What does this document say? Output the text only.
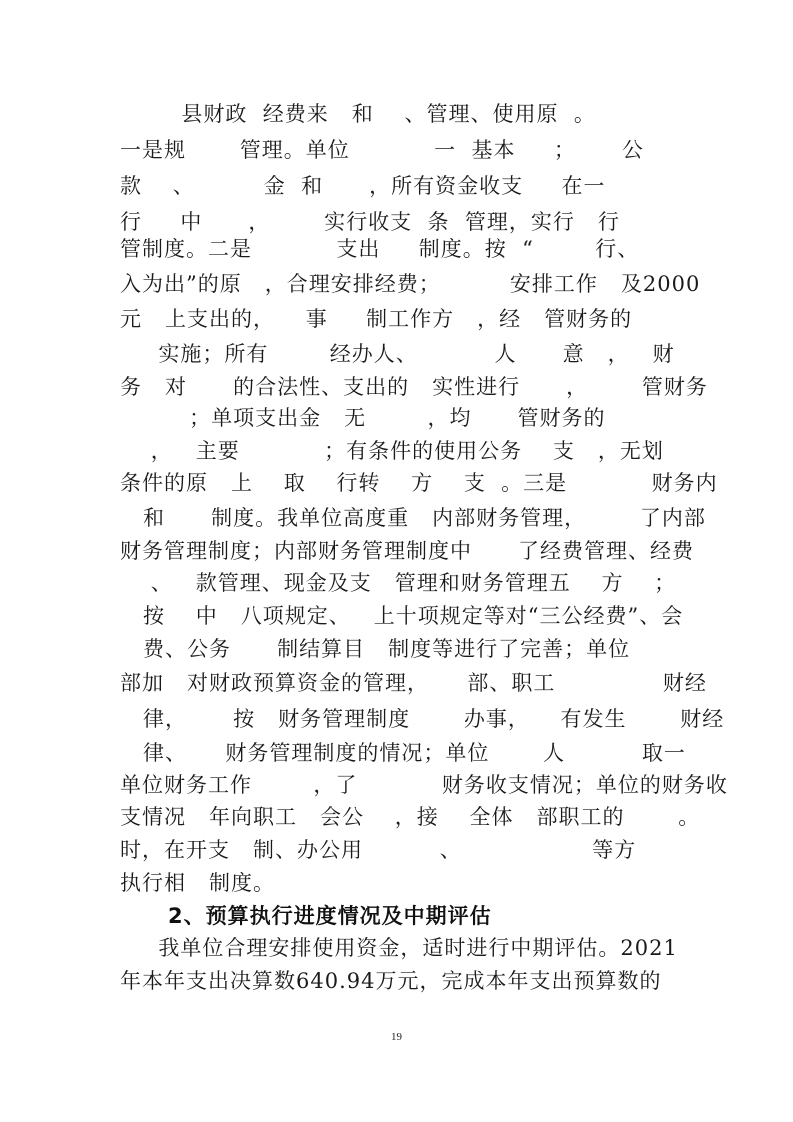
县财政  经费来   和    、管理、使用原  。
一是规       管理。单位           一  基本     ；      公
款    、         金  和      ，所有资金收支     在一
行     中      ，       实行收支  条  管理，实行   行
管制度。二是           支出     制度。按  “        行、
入为出”的原   ，合理安排经费；         安排工作   及2000
元   上支出的，    事     制工作方   ，经   管财务的
实施；所有        经办人、          人      意   ，   财
务   对      的合法性、支出的   实性进行      ，       管财务
；单项支出金   无        ，均      管财务的
，   主要           ；有条件的使用公务    支   ，无划
条件的原   上    取    行转    方    支  。三是           财务内
和      制度。我单位高度重   内部财务管理，       了内部
财务管理制度；内部财务管理制度中      了经费管理、经费
、   款管理、现金及支   管理和财务管理五    方    ；
按    中   八项规定、   上十项规定等对“三公经费”、会
费、公务      制结算目   制度等进行了完善；单位
部加   对财政预算资金的管理，     部、职工              财经
律，      按   财务管理制度       办事，    有发生       财经
律、     财务管理制度的情况；单位       人          取一
单位财务工作        ，了           财务收支情况；单位的财务收
支情况   年向职工   会公    ，接    全体   部职工的       。
时，在开支   制、办公用          、                 等方
执行相   制度。
2、预算执行进度情况及中期评估
我单位合理安排使用资金，适时进行中期评估。2021
年本年支出决算数640.94万元，完成本年支出预算数的
19
